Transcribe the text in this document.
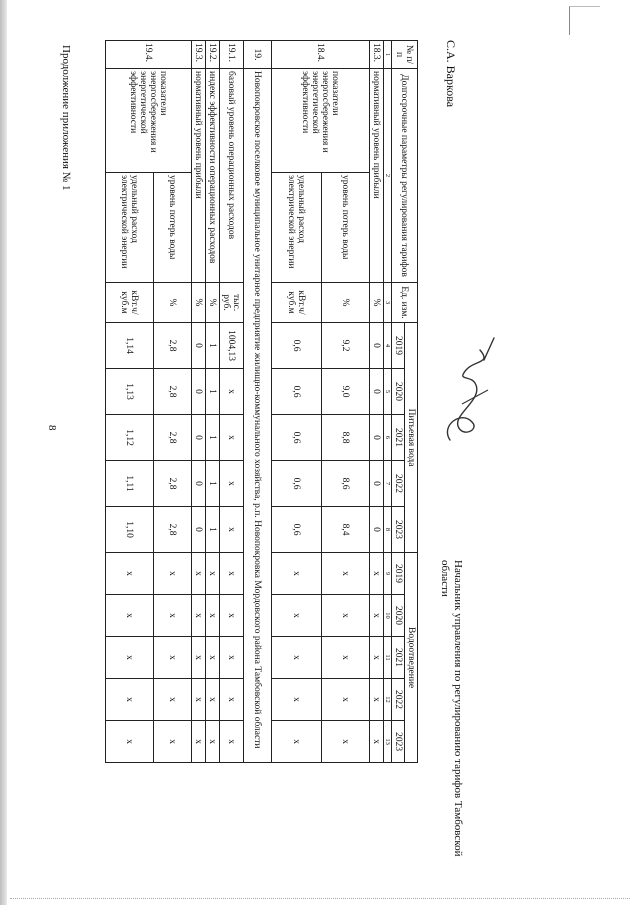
8
Продолжение приложения № 1	№ п/п	Долгосрочные параметры регулирования тарифов		Ед. изм.	Питьевая вода					Водоотведение				
				2019	2020	2021	2022	2023	2019	2020	2021	2022	2023
1	2		3	4	5	6	7	8	9	10	11	12	13
18.3.	нормативный уровень прибыли		%	0	0	0	0	0	x	x	x	x	x
18.4.	показатели энергосбережения и энергетической эффективности	уровень потерь воды	%	9,2	9,0	8,8	8,6	8,4	x	x	x	x	x
		удельный расход электрической энергии	кВт.ч/ куб.м	0,6	0,6	0,6	0,6	0,6	x	x	x	x	x
19.	Новопокровское поселковое муниципальное унитарное предприятие жилищно-коммунального хозяйства, р.п. Новопокровка Мордовского района Тамбовской области												
19.1.	базовый уровень операционных расходов		тыс. руб.	1004,13	x	x	x	x	x	x	x	x	x
19.2.	индекс эффективности операционных расходов		%	1	1	1	1	1	x	x	x	x	x
19.3.	нормативный уровень прибыли		%	0	0	0	0	0	x	x	x	x	x
19.4.	показатели энергосбережения и энергетической эффективности	уровень потерь воды	%	2,8	2,8	2,8	2,8	2,8	x	x	x	x	x
		удельный расход электрической энергии	кВт.ч/ куб.м	1,14	1,13	1,12	1,11	1,10	x	x	x	x	x	Начальник управления по регулированию тарифов Тамбовской области
С.А. Варкова
